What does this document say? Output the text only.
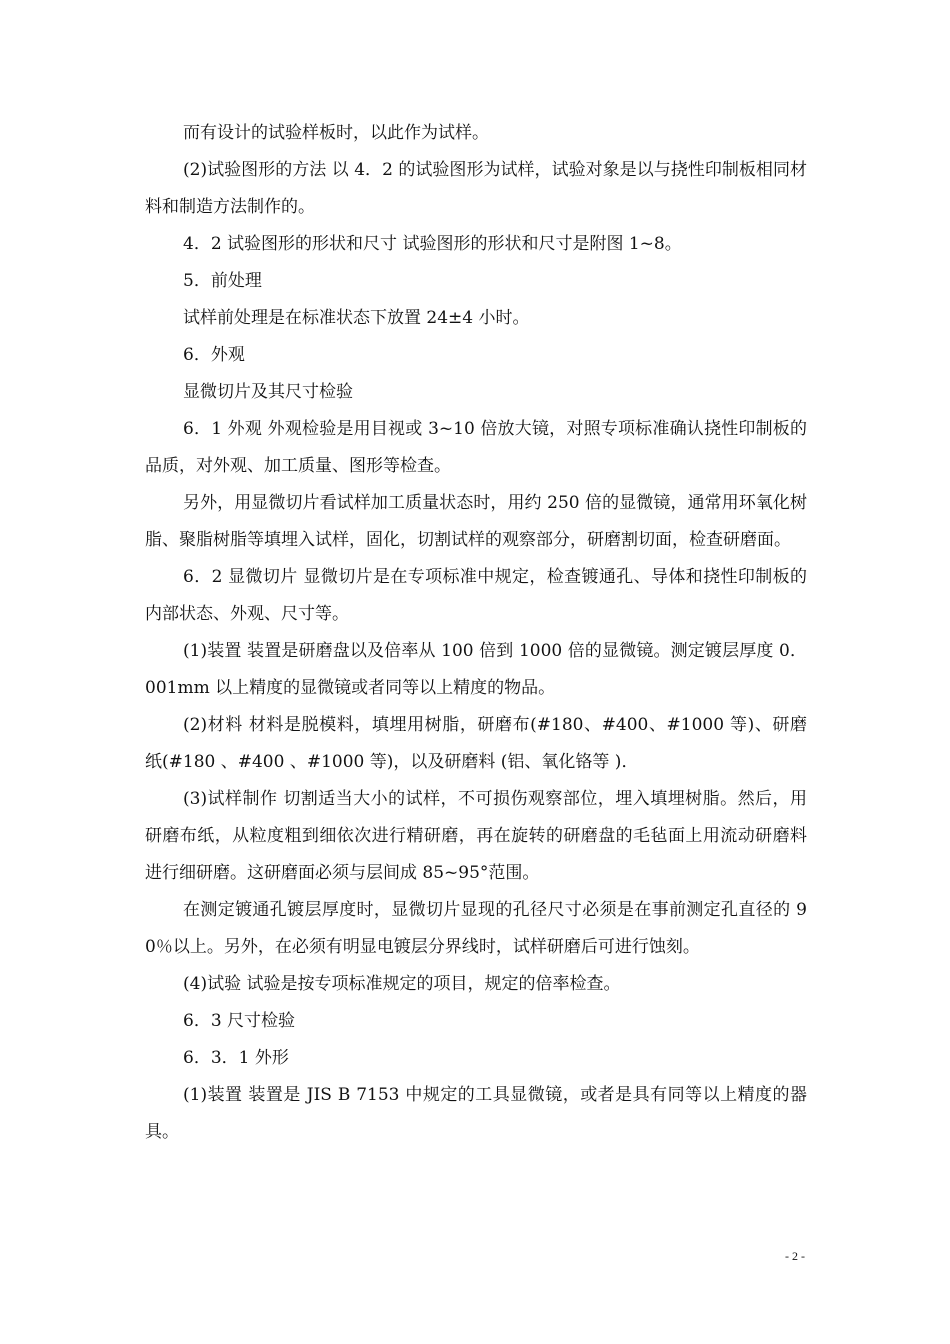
而有设计的试验样板时，以此作为试样。

(2)试验图形的方法 以 4．2 的试验图形为试样，试验对象是以与挠性印制板相同材料和制造方法制作的。

4．2 试验图形的形状和尺寸 试验图形的形状和尺寸是附图 1~8。

5．前处理

试样前处理是在标准状态下放置 24±4 小时。

6．外观

显微切片及其尺寸检验

6．1 外观 外观检验是用目视或 3~10 倍放大镜，对照专项标准确认挠性印制板的品质，对外观、加工质量、图形等检查。

另外，用显微切片看试样加工质量状态时，用约 250 倍的显微镜，通常用环氧化树脂、聚脂树脂等填埋入试样，固化，切割试样的观察部分，研磨割切面，检查研磨面。

6．2 显微切片 显微切片是在专项标准中规定，检查镀通孔、导体和挠性印制板的内部状态、外观、尺寸等。

(1)装置 装置是研磨盘以及倍率从 100 倍到 1000 倍的显微镜。测定镀层厚度 0．001mm 以上精度的显微镜或者同等以上精度的物品。

(2)材料 材料是脱模料，填埋用树脂，研磨布(#180、#400、#1000 等)、研磨纸(#180 、#400 、#1000 等)，以及研磨料 (铝、氧化铬等 )．

(3)试样制作 切割适当大小的试样，不可损伤观察部位，埋入填埋树脂。然后，用研磨布纸，从粒度粗到细依次进行精研磨，再在旋转的研磨盘的毛毡面上用流动研磨料进行细研磨。这研磨面必须与层间成 85~95°范围。

在测定镀通孔镀层厚度时，显微切片显现的孔径尺寸必须是在事前测定孔直径的 90％以上。另外，在必须有明显电镀层分界线时，试样研磨后可进行蚀刻。

(4)试验 试验是按专项标准规定的项目，规定的倍率检查。

6．3 尺寸检验

6．3．1 外形

(1)装置 装置是 JIS B 7153 中规定的工具显微镜，或者是具有同等以上精度的器具。

- 2 -
